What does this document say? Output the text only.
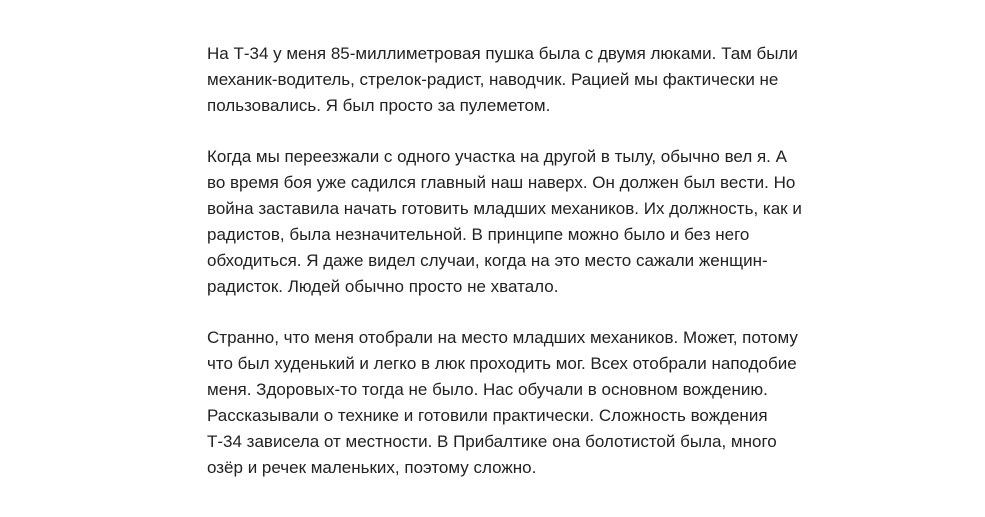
На Т-34 у меня 85-миллиметровая пушка была с двумя люками. Там были
механик-водитель, стрелок-радист, наводчик. Рацией мы фактически не
пользовались. Я был просто за пулеметом.

Когда мы переезжали с одного участка на другой в тылу, обычно вел я. А
во время боя уже садился главный наш наверх. Он должен был вести. Но
война заставила начать готовить младших механиков. Их должность, как и
радистов, была незначительной. В принципе можно было и без него
обходиться. Я даже видел случаи, когда на это место сажали женщин-
радисток. Людей обычно просто не хватало.

Странно, что меня отобрали на место младших механиков. Может, потому
что был худенький и легко в люк проходить мог. Всех отобрали наподобие
меня. Здоровых-то тогда не было. Нас обучали в основном вождению.
Рассказывали о технике и готовили практически. Сложность вождения
Т-34 зависела от местности. В Прибалтике она болотистой была, много
озёр и речек маленьких, поэтому сложно.
